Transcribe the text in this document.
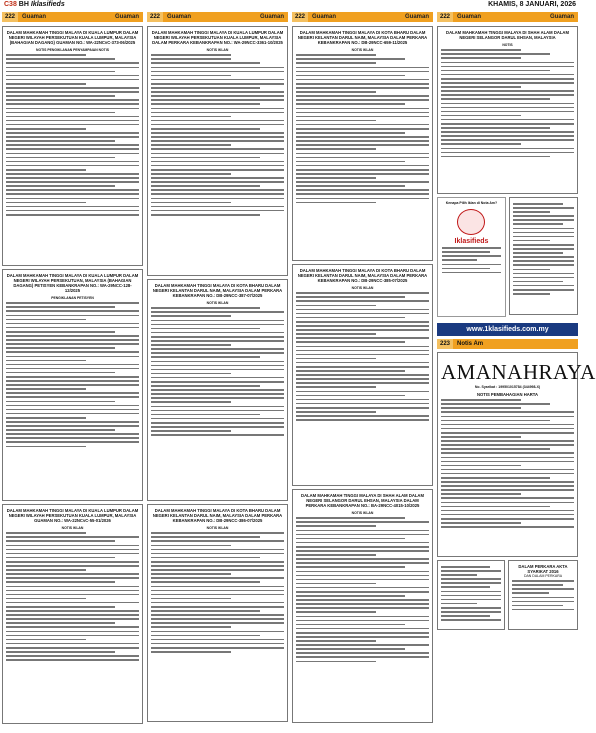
C38 BH Iklasifieds	KHAMIS, 8 JANUARI, 2026
222	Guaman	Guaman	222	Guaman	Guaman	222	Guaman	Guaman	222	Guaman	Guaman
DALAM MAHKAMAH TINGGI MALAYA DI KUALA LUMPUR DALAM NEGERI WILAYAH PERSEKUTUAN KUALA LUMPUR, MALAYSIA (BAHAGIAN DAGANG) GUAMAN NO.: WA-22NCvC-373-06/2025
NOTIS PENGIKLANAN PENYAMPAIAN NOTIS
DALAM MAHKAMAH TINGGI MALAYA DI KUALA LUMPUR DALAM NEGERI WILAYAH PERSEKUTUAN, MALAYSIA (BAHAGIAN DAGANG) PETISYEN KEBANKRAPAN NO.: WA-29NCC-128-12/2025
PENGIKLANAN PETISYEN
DALAM MAHKAMAH TINGGI MALAYA DI KUALA LUMPUR DALAM NEGERI WILAYAH PERSEKUTUAN KUALA LUMPUR, MALAYSIA GUAMAN NO.: WA-22NCvC-55-01/2026
NOTIS IKLAN
DALAM MAHKAMAH TINGGI MALAYA DI KUALA LUMPUR DALAM NEGERI WILAYAH PERSEKUTUAN KUALA LUMPUR, MALAYSIA DALAM PERKARA KEBANKRAPAN NO.: WA-29NCC-3361-10/2025
NOTIS IKLAN
DALAM MAHKAMAH TINGGI MALAYA DI KOTA BHARU DALAM NEGERI KELANTAN DARUL NAIM, MALAYSIA DALAM PERKARA KEBANKRAPAN NO.: DB-29NCC-387-07/2025
NOTIS IKLAN
DALAM MAHKAMAH TINGGI MALAYA DI KOTA BHARU DALAM NEGERI KELANTAN DARUL NAIM, MALAYSIA DALAM PERKARA KEBANKRAPAN NO.: DB-29NCC-386-07/2025
NOTIS IKLAN
DALAM MAHKAMAH TINGGI MALAYA DI KOTA BHARU DALAM NEGERI KELANTAN DARUL NAIM, MALAYSIA DALAM PERKARA KEBANKRAPAN NO.: DB-29NCC-659-11/2025
NOTIS IKLAN
DALAM MAHKAMAH TINGGI MALAYA DI KOTA BHARU DALAM NEGERI KELANTAN DARUL NAIM, MALAYSIA DALAM PERKARA KEBANKRAPAN NO.: DB-29NCC-385-07/2025
NOTIS IKLAN
DALAM MAHKAMAH TINGGI MALAYA DI SHAH ALAM DALAM NEGERI SELANGOR DARUL EHSAN, MALAYSIA DALAM PERKARA KEBANKRAPAN NO.: BA-29NCC-4015-10/2025
NOTIS IKLAN
DALAM MAHKAMAH TINGGI MALAYA DI SHAH ALAM DALAM NEGERI SELANGOR DARUL EHSAN, MALAYSIA
NOTIS
Kenapa Pilih Iklan di Nota Am?
Iklasifieds
www.1klasifieds.com.my
223	Notis Am
AMANAHRAYA
No. Syarikat : 199501015784 (344998-X)
NOTIS PEMBAHAGIAN HARTA
DALAM PERKARA AKTA SYARIKAT 2016
DAN DALAM PERKARA
